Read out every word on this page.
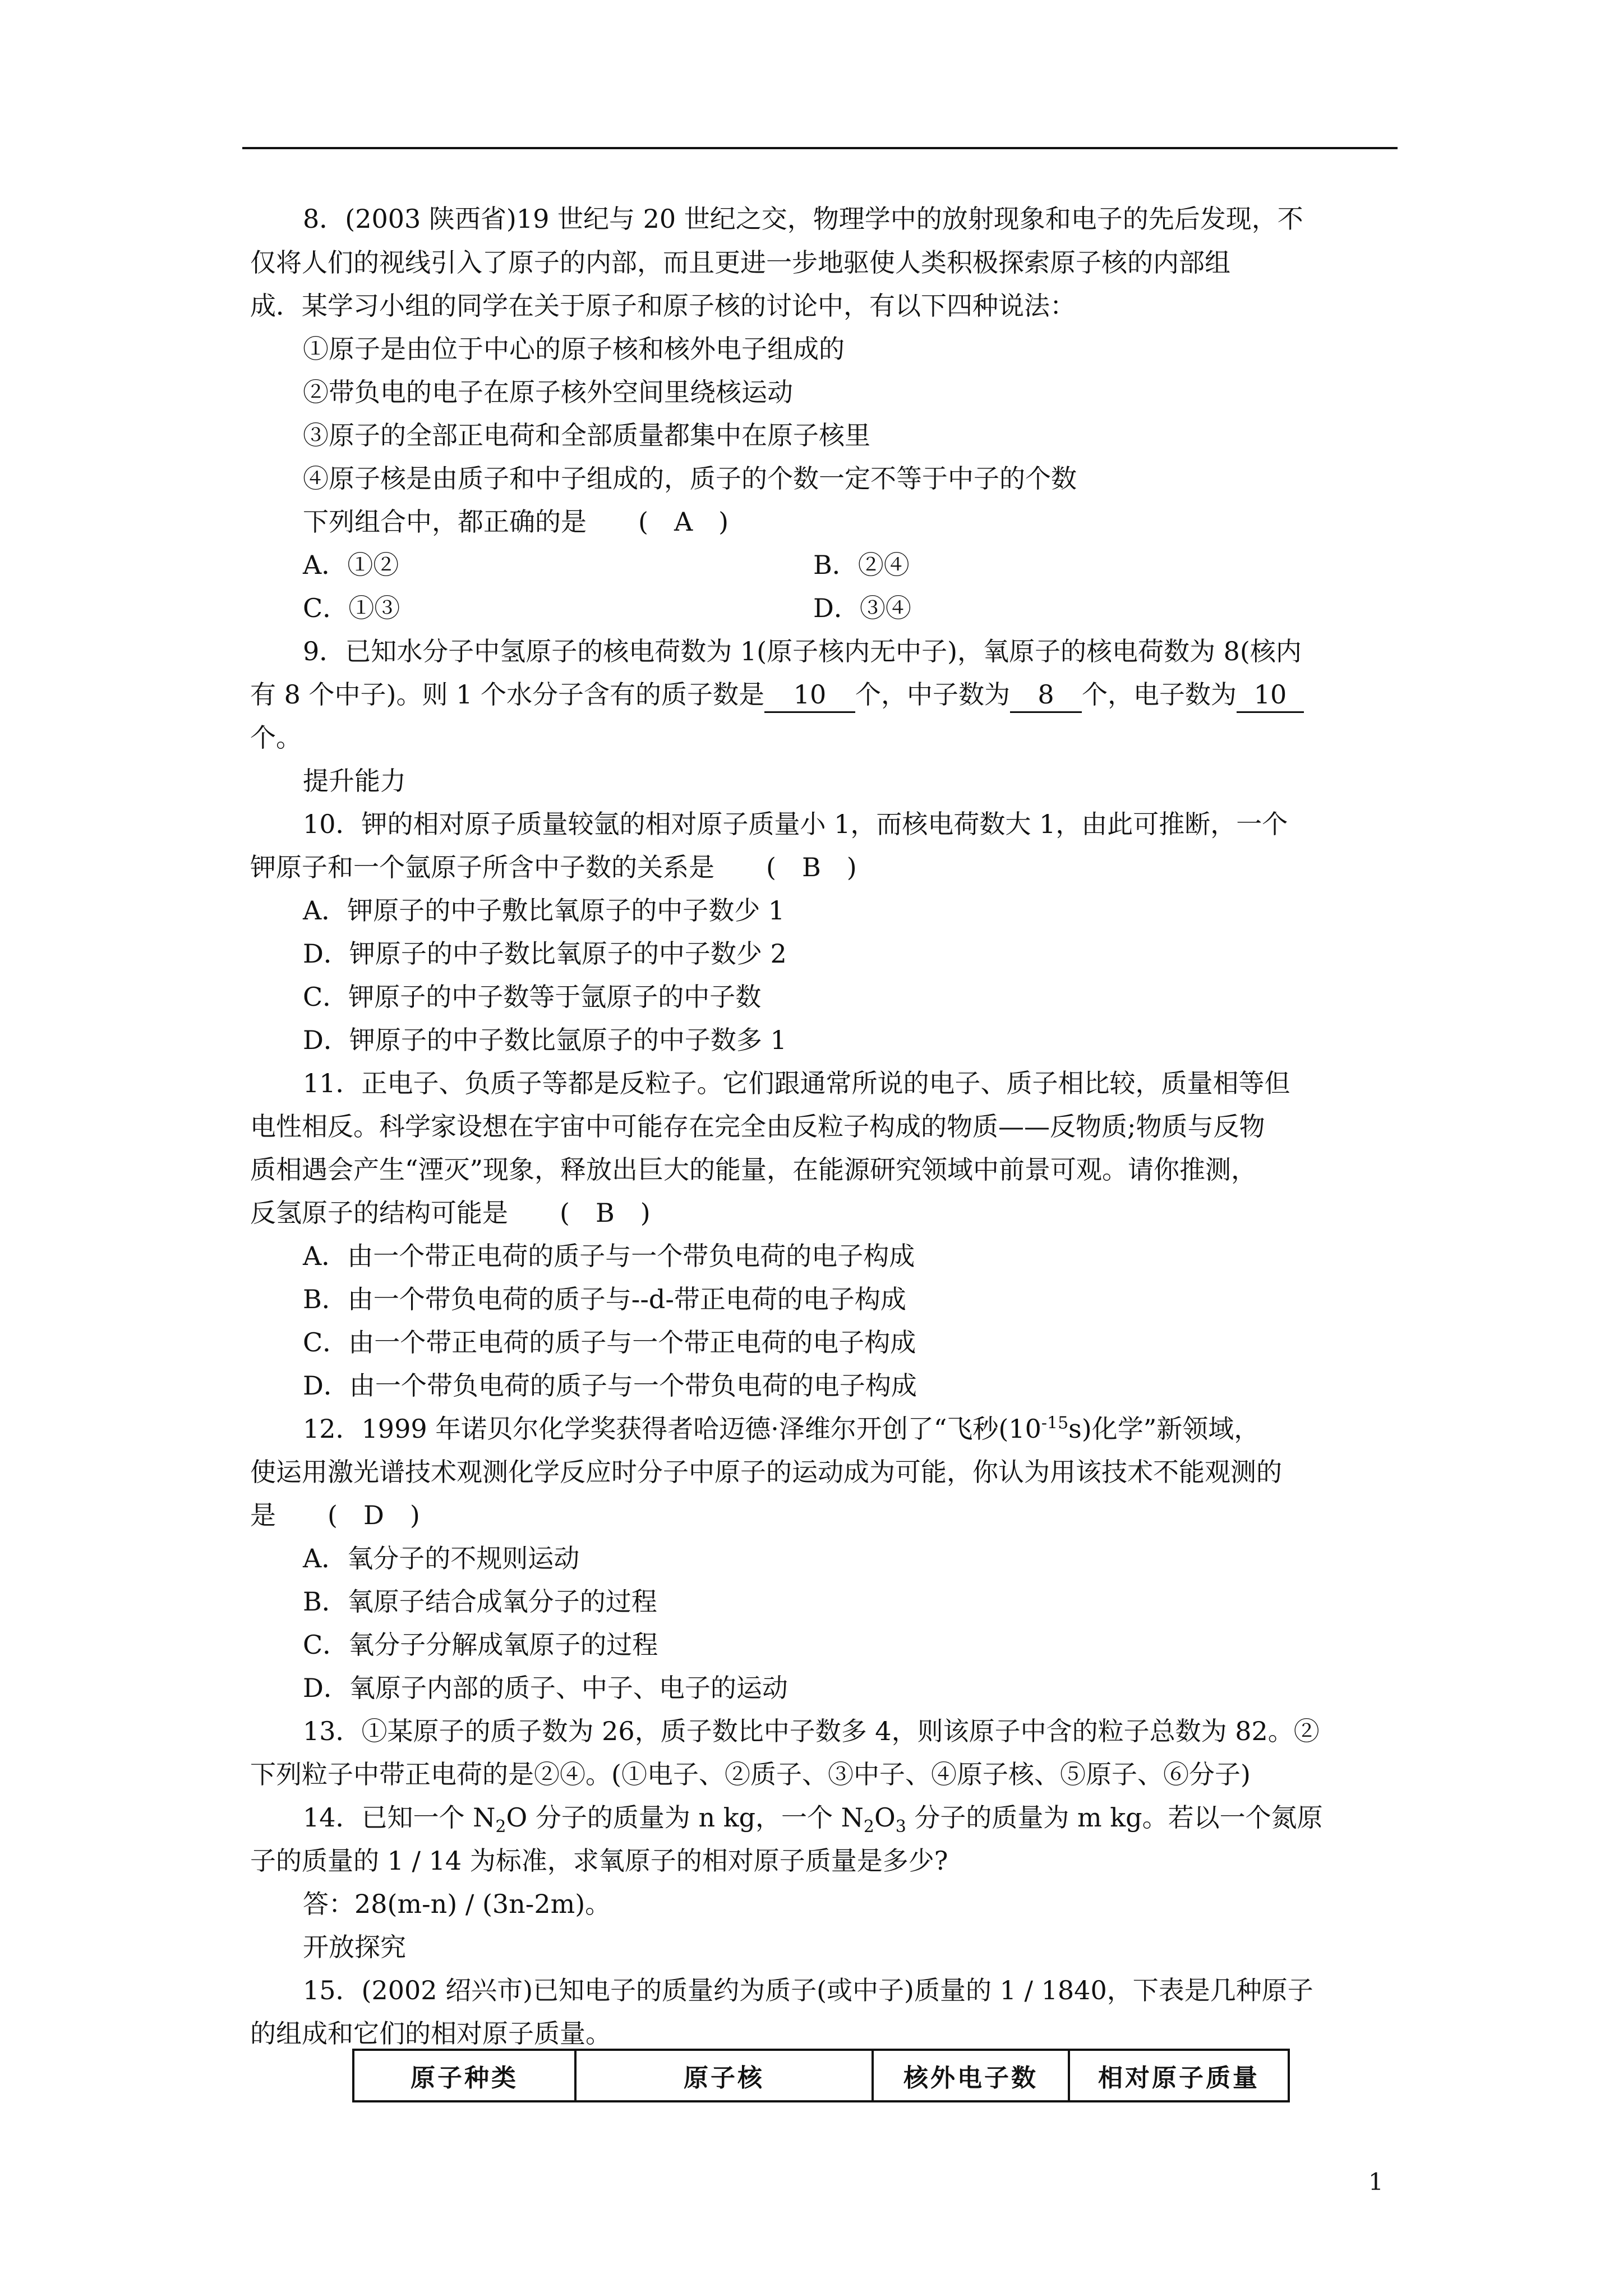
8．(2003 陕西省)19 世纪与 20 世纪之交，物理学中的放射现象和电子的先后发现，不
仅将人们的视线引入了原子的内部，而且更进一步地驱使人类积极探索原子核的内部组
成．某学习小组的同学在关于原子和原子核的讨论中，有以下四种说法：
①原子是由位于中心的原子核和核外电子组成的
②带负电的电子在原子核外空间里绕核运动
③原子的全部正电荷和全部质量都集中在原子核里
④原子核是由质子和中子组成的，质子的个数一定不等于中子的个数
下列组合中，都正确的是　　(　A　)
A．①②	B．②④
C．①③	D．③④
9．已知水分子中氢原子的核电荷数为 1(原子核内无中子)，氧原子的核电荷数为 8(核内
有 8 个中子)。则 1 个水分子含有的质子数是 10 个，中子数为 8 个，电子数为 10
个。
提升能力
10．钾的相对原子质量较氩的相对原子质量小 1，而核电荷数大 1，由此可推断，一个
钾原子和一个氩原子所含中子数的关系是　　(　B　)
A．钾原子的中子敷比氧原子的中子数少 1
D．钾原子的中子数比氧原子的中子数少 2
C．钾原子的中子数等于氩原子的中子数
D．钾原子的中子数比氩原子的中子数多 1
11．正电子、负质子等都是反粒子。它们跟通常所说的电子、质子相比较，质量相等但
电性相反。科学家设想在宇宙中可能存在完全由反粒子构成的物质——反物质;物质与反物
质相遇会产生“湮灭”现象，释放出巨大的能量，在能源研究领域中前景可观。请你推测，
反氢原子的结构可能是　　(　B　)
A．由一个带正电荷的质子与一个带负电荷的电子构成
B．由一个带负电荷的质子与--d-带正电荷的电子构成
C．由一个带正电荷的质子与一个带正电荷的电子构成
D．由一个带负电荷的质子与一个带负电荷的电子构成
12．1999 年诺贝尔化学奖获得者哈迈德·泽维尔开创了“飞秒$(10^{-15}s)$化学”新领域，
使运用激光谱技术观测化学反应时分子中原子的运动成为可能，你认为用该技术不能观测的
是　　(　D　)
A．氧分子的不规则运动
B．氧原子结合成氧分子的过程
C．氧分子分解成氧原子的过程
D．氧原子内部的质子、中子、电子的运动
13．①某原子的质子数为 26，质子数比中子数多 4，则该原子中含的粒子总数为 82。②
下列粒子中带正电荷的是②④。(①电子、②质子、③中子、④原子核、⑤原子、⑥分子)
14．已知一个 $N_2O$ 分子的质量为 n kg，一个 $N_2O_3$ 分子的质量为 m kg。若以一个氮原
子的质量的 1 / 14 为标准，求氧原子的相对原子质量是多少?
答：28(m-n) / (3n-2m)。
开放探究
15．(2002 绍兴市)已知电子的质量约为质子(或中子)质量的 1 / 1840，下表是几种原子
的组成和它们的相对原子质量。
原子种类	原子核	核外电子数	相对原子质量
1
